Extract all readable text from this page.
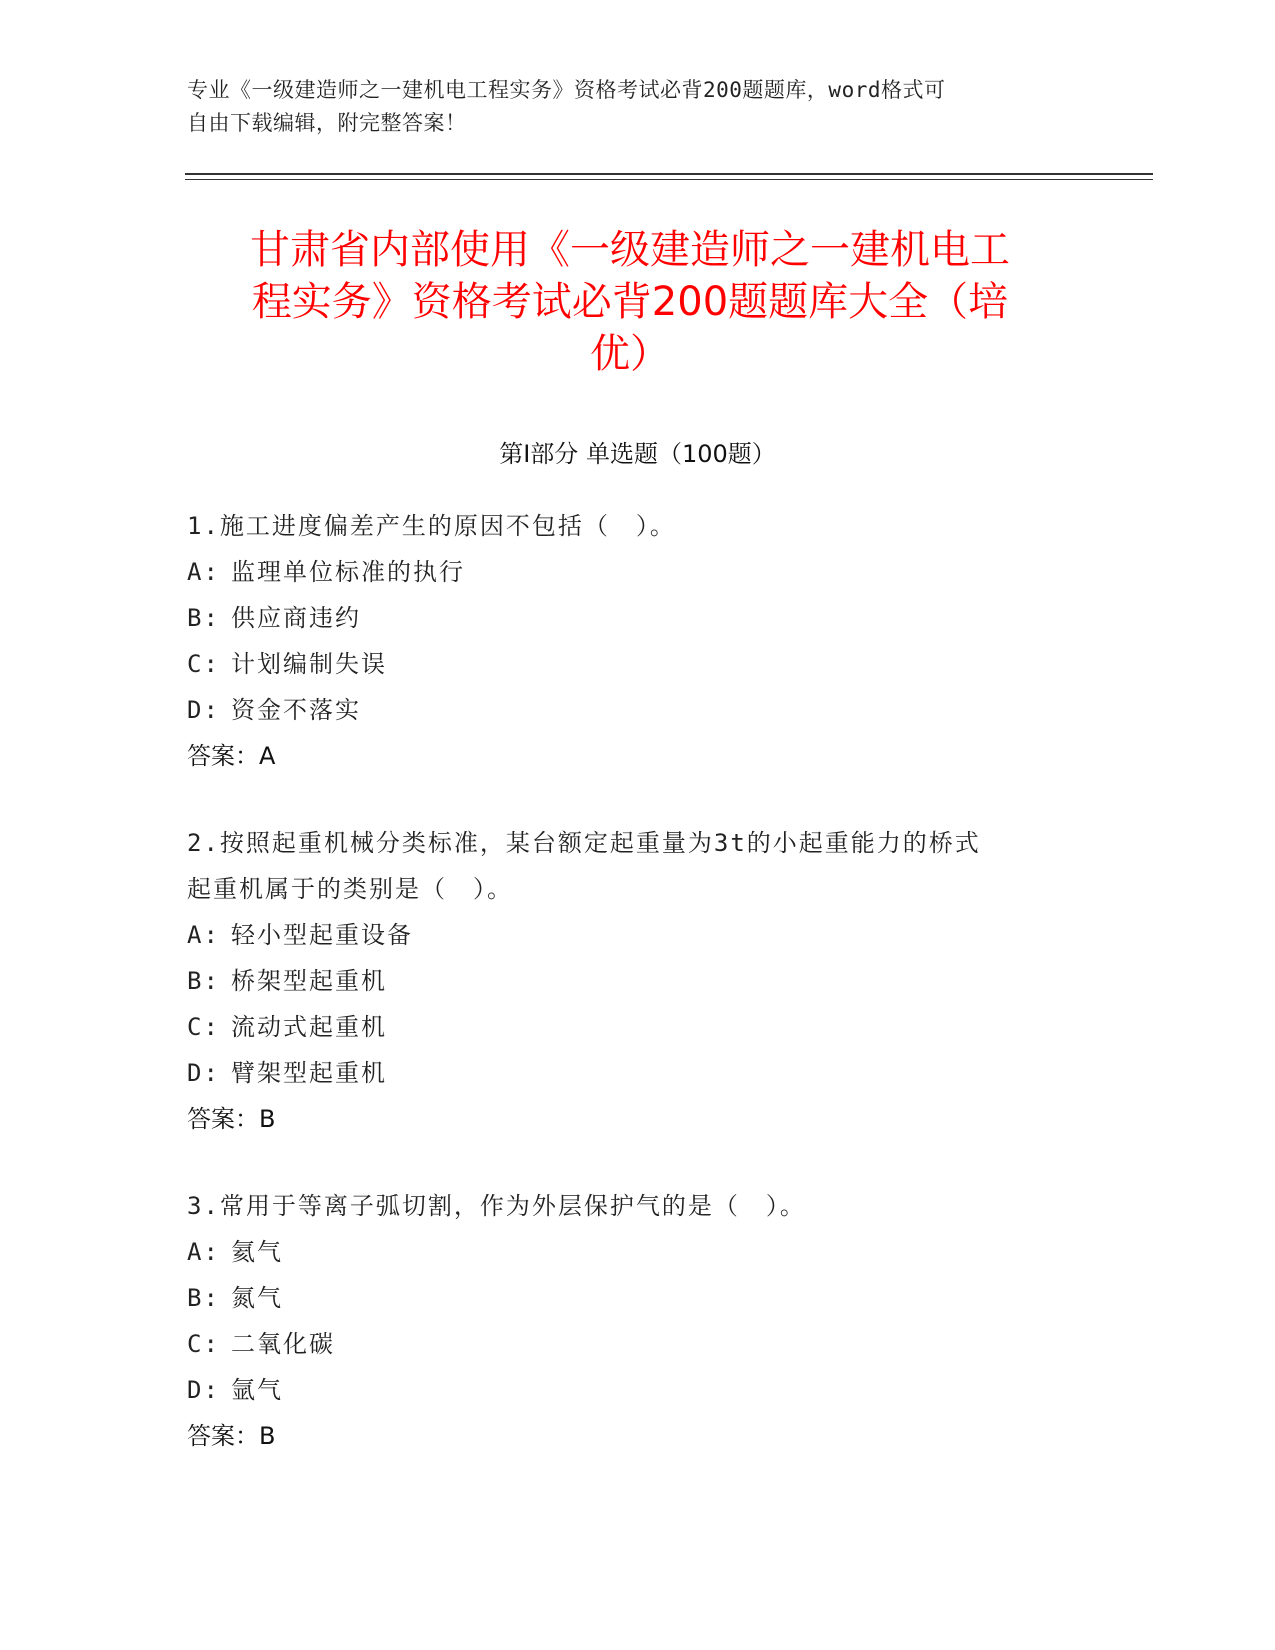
专业《一级建造师之一建机电工程实务》资格考试必背200题题库，word格式可
自由下载编辑，附完整答案！
甘肃省内部使用《一级建造师之一建机电工
程实务》资格考试必背200题题库大全（培
优）
第I部分 单选题（100题）
1.施工进度偏差产生的原因不包括（　）。
A: 监理单位标准的执行
B: 供应商违约
C: 计划编制失误
D: 资金不落实
答案：A
2.按照起重机械分类标准，某台额定起重量为3t的小起重能力的桥式
起重机属于的类别是（　）。
A: 轻小型起重设备
B: 桥架型起重机
C: 流动式起重机
D: 臂架型起重机
答案：B
3.常用于等离子弧切割，作为外层保护气的是（　）。
A: 氦气
B: 氮气
C: 二氧化碳
D: 氩气
答案：B
